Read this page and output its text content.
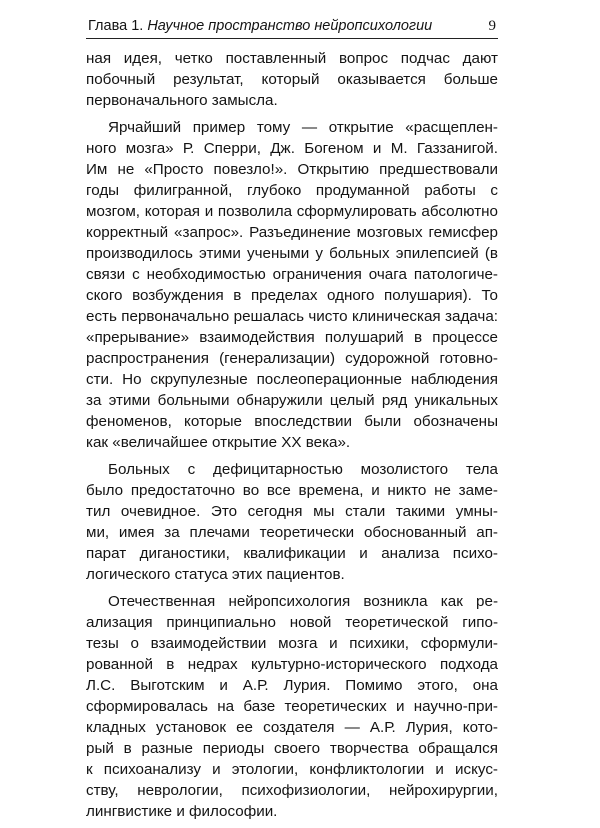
Глава 1. Научное пространство нейропсихологии	9
ная идея, четко поставленный вопрос подчас дают
побочный результат, который оказывается больше
первоначального замысла.
Ярчайший пример тому — открытие «расщеплен-
ного мозга» Р. Сперри, Дж. Богеном и М. Газзанигой.
Им не «Просто повезло!». Открытию предшествовали
годы филигранной, глубоко продуманной работы с
мозгом, которая и позволила сформулировать абсолютно
корректный «запрос». Разъединение мозговых гемисфер
производилось этими учеными у больных эпилепсией (в
связи с необходимостью ограничения очага патологиче-
ского возбуждения в пределах одного полушария). То
есть первоначально решалась чисто клиническая задача:
«прерывание» взаимодействия полушарий в процессе
распространения (генерализации) судорожной готовно-
сти. Но скрупулезные послеоперационные наблюдения
за этими больными обнаружили целый ряд уникальных
феноменов, которые впоследствии были обозначены
как «величайшее открытие XX века».
Больных с дефицитарностью мозолистого тела
было предостаточно во все времена, и никто не заме-
тил очевидное. Это сегодня мы стали такими умны-
ми, имея за плечами теоретически обоснованный ап-
парат диганостики, квалификации и анализа психо-
логического статуса этих пациентов.
Отечественная нейропсихология возникла как ре-
ализация принципиально новой теоретической гипо-
тезы о взаимодействии мозга и психики, сформули-
рованной в недрах культурно-исторического подхода
Л.С. Выготским и А.Р. Лурия. Помимо этого, она
сформировалась на базе теоретических и научно-при-
кладных установок ее создателя — А.Р. Лурия, кото-
рый в разные периоды своего творчества обращался
к психоанализу и этологии, конфликтологии и искус-
ству, неврологии, психофизиологии, нейрохирургии,
лингвистике и философии.
